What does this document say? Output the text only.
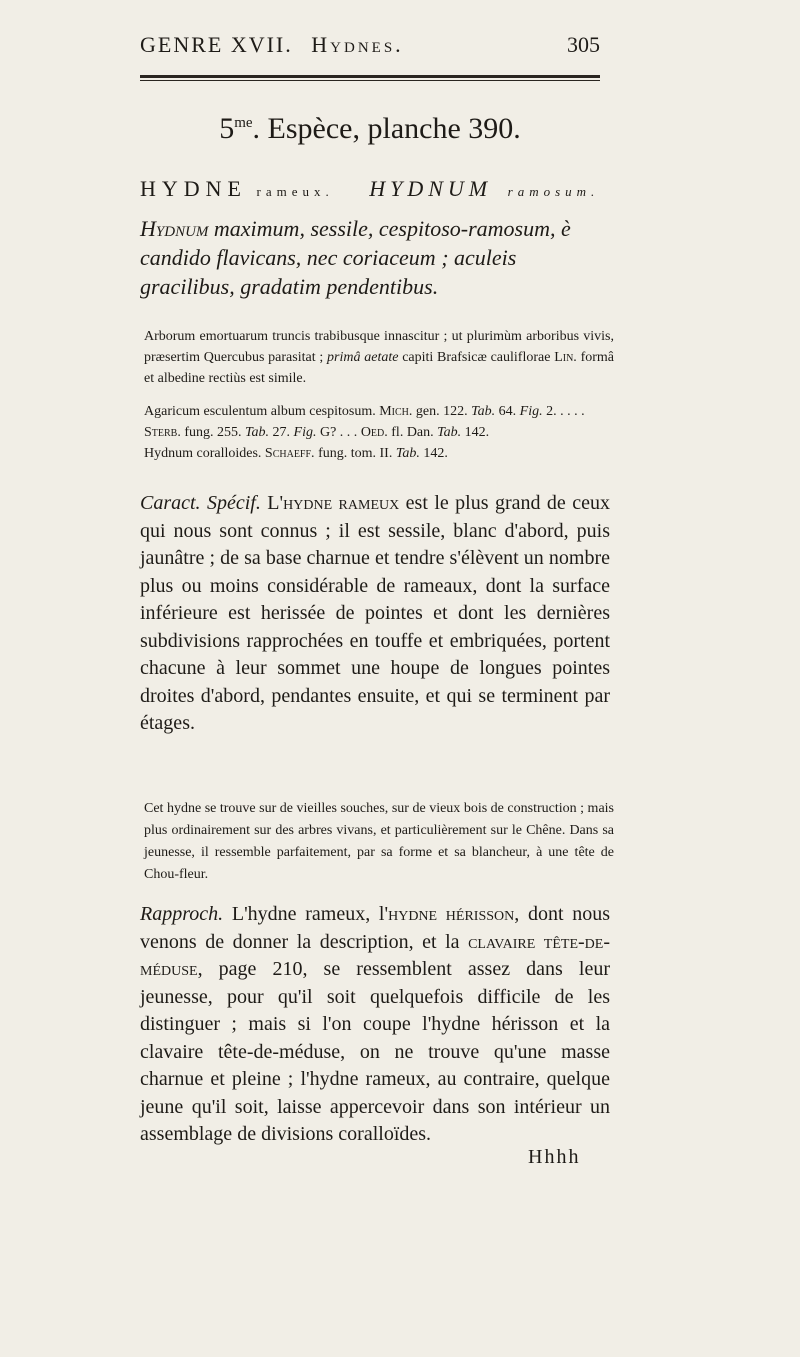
GENRE XVII. Hydnes.	305
$5^{me}$. Espèce, planche 390.
HYDNE rameux. HYDNUM ramosum.
Hydnum maximum, sessile, cespitoso-ramosum, è candido flavicans, nec coriaceum ; aculeis gracilibus, gradatim pendentibus.
Arborum emortuarum truncis trabibusque innascitur ; ut plurimùm arboribus vivis, præsertim Quercubus parasitat ; primâ aetate capiti Brafsicæ cauliflorae Lin. formâ et albedine rectiùs est simile.
Agaricum esculentum album cespitosum. Mich. gen. 122. Tab. 64. Fig. 2. . . . .
Sterb. fung. 255. Tab. 27. Fig. G? . . . Oed. fl. Dan. Tab. 142.
Hydnum coralloides. Schaeff. fung. tom. II. Tab. 142.
Caract. Spécif. L'hydne rameux est le plus grand de ceux qui nous sont connus ; il est sessile, blanc d'abord, puis jaunâtre ; de sa base charnue et tendre s'élèvent un nombre plus ou moins considérable de rameaux, dont la surface inférieure est herissée de pointes et dont les dernières subdivisions rapprochées en touffe et embriquées, portent chacune à leur sommet une houpe de longues pointes droites d'abord, pendantes ensuite, et qui se terminent par étages.
Cet hydne se trouve sur de vieilles souches, sur de vieux bois de construction ; mais plus ordinairement sur des arbres vivans, et particulièrement sur le Chêne. Dans sa jeunesse, il ressemble parfaitement, par sa forme et sa blancheur, à une tête de Chou-fleur.
Rapproch. L'hydne rameux, l'hydne hérisson, dont nous venons de donner la description, et la clavaire tête-de-méduse, page 210, se ressemblent assez dans leur jeunesse, pour qu'il soit quelquefois difficile de les distinguer ; mais si l'on coupe l'hydne hérisson et la clavaire tête-de-méduse, on ne trouve qu'une masse charnue et pleine ; l'hydne rameux, au contraire, quelque jeune qu'il soit, laisse appercevoir dans son intérieur un assemblage de divisions coralloïdes.
Hhhh
